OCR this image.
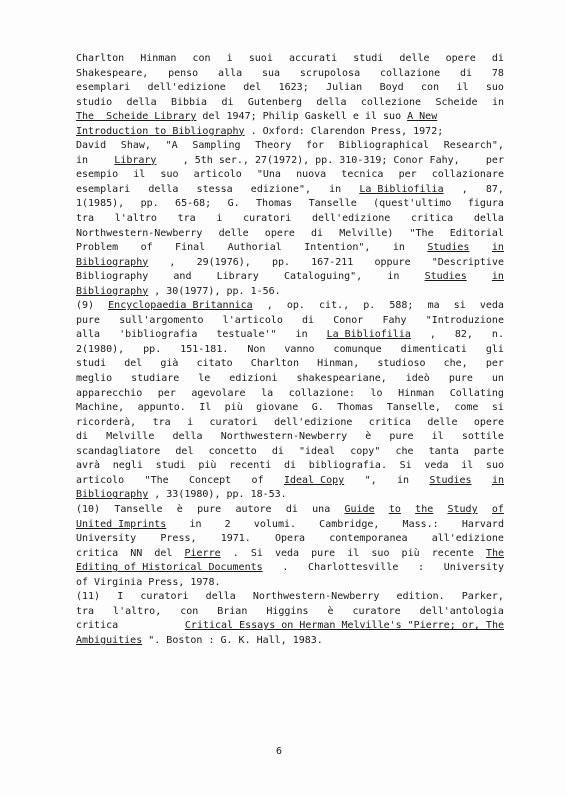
Charlton Hinman con i suoi accurati studi delle opere di
Shakespeare, penso alla sua scrupolosa collazione di 78
esemplari dell'edizione del 1623; Julian Boyd con il suo
studio della Bibbia di Gutenberg della collezione Scheide in
The  Scheide Library del 1947; Philip Gaskell e il suo A New
Introduction to Bibliography . Oxford: Clarendon Press, 1972;
David Shaw, "A Sampling Theory for Bibliographical Research",
in	Library	, 5th ser., 27(1972), pp. 310-319; Conor Fahy,	per
esempio il suo articolo "Una nuova tecnica per collazionare
esemplari della stessa edizione", in La Bibliofilia , 87,
1(1985), pp. 65-68; G. Thomas Tanselle (quest'ultimo figura
tra l'altro tra i curatori dell'edizione critica della
Northwestern-Newberry delle opere di Melville) "The Editorial
Problem of Final Authorial Intention", in Studies in
Bibliography , 29(1976), pp. 167-211 oppure "Descriptive
Bibliography	and	Library	Cataloguing",	in	Studies	in
Bibliography , 30(1977), pp. 1-56.
(9) Encyclopaedia Britannica , op. cit., p. 588; ma si veda
pure sull'argomento l'articolo di Conor Fahy "Introduzione
alla 'bibliografia testuale'" in La Bibliofilia , 82, n.
2(1980), pp. 151-181. Non vanno comunque dimenticati gli
studi del già citato Charlton Hinman, studioso che, per
meglio studiare le edizioni shakespeariane, ideò pure un
apparecchio per agevolare la collazione: lo Hinman Collating
Machine, appunto. Il più giovane G. Thomas Tanselle, come si
ricorderà, tra i curatori dell'edizione critica delle opere
di Melville della Northwestern-Newberry è pure il sottile
scandagliatore del concetto di "ideal copy" che tanta parte
avrà negli studi più recenti di bibliografia. Si veda il suo
articolo "The Concept of Ideal Copy ", in Studies in
Bibliography , 33(1980), pp. 18-53.
(10) Tanselle è pure autore di una Guide to the Study of
United Imprints in 2 volumi. Cambridge, Mass.: Harvard
University Press, 1971. Opera contemporanea all'edizione
critica NN del Pierre . Si veda pure il suo più recente The
Editing of Historical Documents . Charlottesville : University
of Virginia Press, 1978.
(11) I curatori della Northwestern-Newberry edition. Parker,
tra l'altro, con Brian Higgins è curatore dell'antologia
critica	Critical Essays on Herman Melville's "Pierre; or, The
Ambiguities ". Boston : G. K. Hall, 1983.
6
